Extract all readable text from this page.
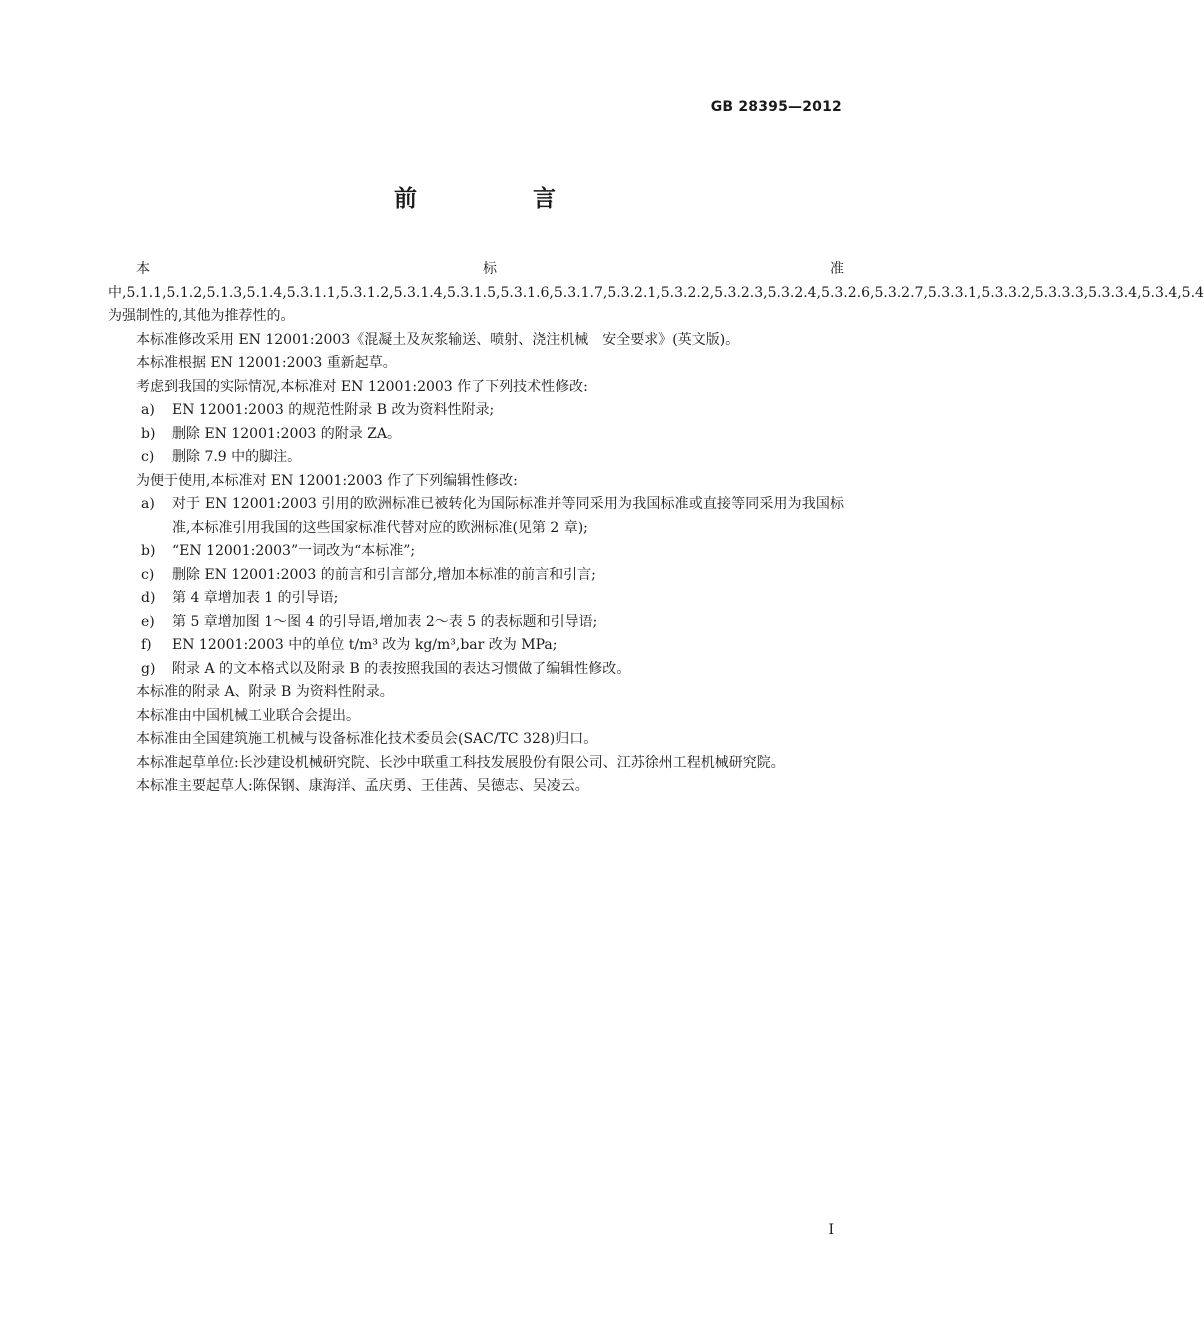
GB 28395—2012
前 言

本标准中,5.1.1,5.1.2,5.1.3,5.1.4,5.3.1.1,5.3.1.2,5.3.1.4,5.3.1.5,5.3.1.6,5.3.1.7,5.3.2.1,5.3.2.2,5.3.2.3,5.3.2.4,5.3.2.6,5.3.2.7,5.3.3.1,5.3.3.2,5.3.3.3,5.3.3.4,5.3.4,5.4 为强制性的,其他为推荐性的。

本标准修改采用 EN 12001:2003《混凝土及灰浆输送、喷射、浇注机械　安全要求》(英文版)。

本标准根据 EN 12001:2003 重新起草。

考虑到我国的实际情况,本标准对 EN 12001:2003 作了下列技术性修改:

a)	EN 12001:2003 的规范性附录 B 改为资料性附录;
b)	删除 EN 12001:2003 的附录 ZA。
c)	删除 7.9 中的脚注。

为便于使用,本标准对 EN 12001:2003 作了下列编辑性修改:

a)	对于 EN 12001:2003 引用的欧洲标准已被转化为国际标准并等同采用为我国标准或直接等同采用为我国标准,本标准引用我国的这些国家标准代替对应的欧洲标准(见第 2 章);
b)	“EN 12001:2003”一词改为“本标准”;
c)	删除 EN 12001:2003 的前言和引言部分,增加本标准的前言和引言;
d)	第 4 章增加表 1 的引导语;
e)	第 5 章增加图 1～图 4 的引导语,增加表 2～表 5 的表标题和引导语;
f)	EN 12001:2003 中的单位 t/m³ 改为 kg/m³,bar 改为 MPa;
g)	附录 A 的文本格式以及附录 B 的表按照我国的表达习惯做了编辑性修改。

本标准的附录 A、附录 B 为资料性附录。

本标准由中国机械工业联合会提出。

本标准由全国建筑施工机械与设备标准化技术委员会(SAC/TC 328)归口。

本标准起草单位:长沙建设机械研究院、长沙中联重工科技发展股份有限公司、江苏徐州工程机械研究院。

本标准主要起草人:陈保钢、康海洋、孟庆勇、王佳茜、吴德志、吴凌云。

I
